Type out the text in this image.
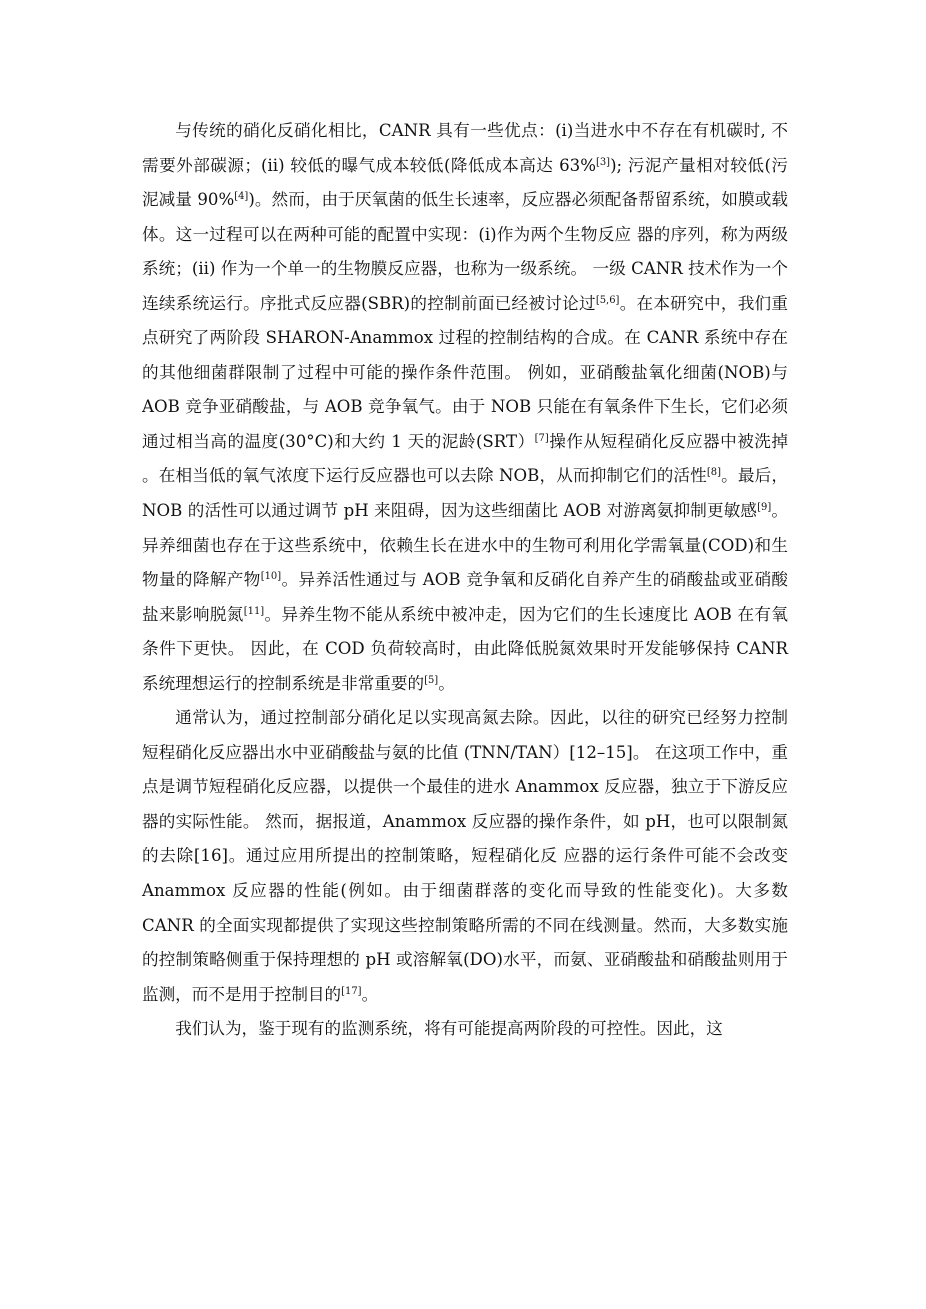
与传统的硝化反硝化相比，CANR 具有一些优点：(i)当进水中不存在有机碳时, 不需要外部碳源；(ii) 较低的曝气成本较低(降低成本高达 63%[3]); 污泥产量相对较低(污泥减量 90%[4])。然而，由于厌氧菌的低生长速率，反应器必须配备帮留系统，如膜或载体。这一过程可以在两种可能的配置中实现：(i)作为两个生物反应 器的序列，称为两级系统；(ii) 作为一个单一的生物膜反应器，也称为一级系统。 一级 CANR 技术作为一个连续系统运行。序批式反应器(SBR)的控制前面已经被讨论过[5,6]。在本研究中，我们重点研究了两阶段 SHARON-Anammox 过程的控制结构的合成。在 CANR 系统中存在的其他细菌群限制了过程中可能的操作条件范围。 例如，亚硝酸盐氧化细菌(NOB)与 AOB 竞争亚硝酸盐，与 AOB 竞争氧气。由于 NOB 只能在有氧条件下生长，它们必须通过相当高的温度(30°C)和大约 1 天的泥龄(SRT）[7]操作从短程硝化反应器中被洗掉 。在相当低的氧气浓度下运行反应器也可以去除 NOB，从而抑制它们的活性[8]。最后，NOB 的活性可以通过调节 pH 来阻碍，因为这些细菌比 AOB 对游离氨抑制更敏感[9]。异养细菌也存在于这些系统中，依赖生长在进水中的生物可利用化学需氧量(COD)和生物量的降解产物[10]。异养活性通过与 AOB 竞争氧和反硝化自养产生的硝酸盐或亚硝酸盐来影响脱氮[11]。异养生物不能从系统中被冲走，因为它们的生长速度比 AOB 在有氧条件下更快。 因此，在 COD 负荷较高时，由此降低脱氮效果时开发能够保持 CANR 系统理想运行的控制系统是非常重要的[5]。

通常认为，通过控制部分硝化足以实现高氮去除。因此，以往的研究已经努力控制短程硝化反应器出水中亚硝酸盐与氨的比值 (TNN/TAN）[12–15]。 在这项工作中，重点是调节短程硝化反应器，以提供一个最佳的进水 Anammox 反应器，独立于下游反应器的实际性能。 然而，据报道，Anammox 反应器的操作条件，如 pH，也可以限制氮的去除[16]。通过应用所提出的控制策略，短程硝化反 应器的运行条件可能不会改变 Anammox 反应器的性能(例如。由于细菌群落的变化而导致的性能变化)。大多数 CANR 的全面实现都提供了实现这些控制策略所需的不同在线测量。然而，大多数实施的控制策略侧重于保持理想的 pH 或溶解氧(DO)水平，而氨、亚硝酸盐和硝酸盐则用于监测，而不是用于控制目的[17]。

我们认为，鉴于现有的监测系统，将有可能提高两阶段的可控性。因此，这
